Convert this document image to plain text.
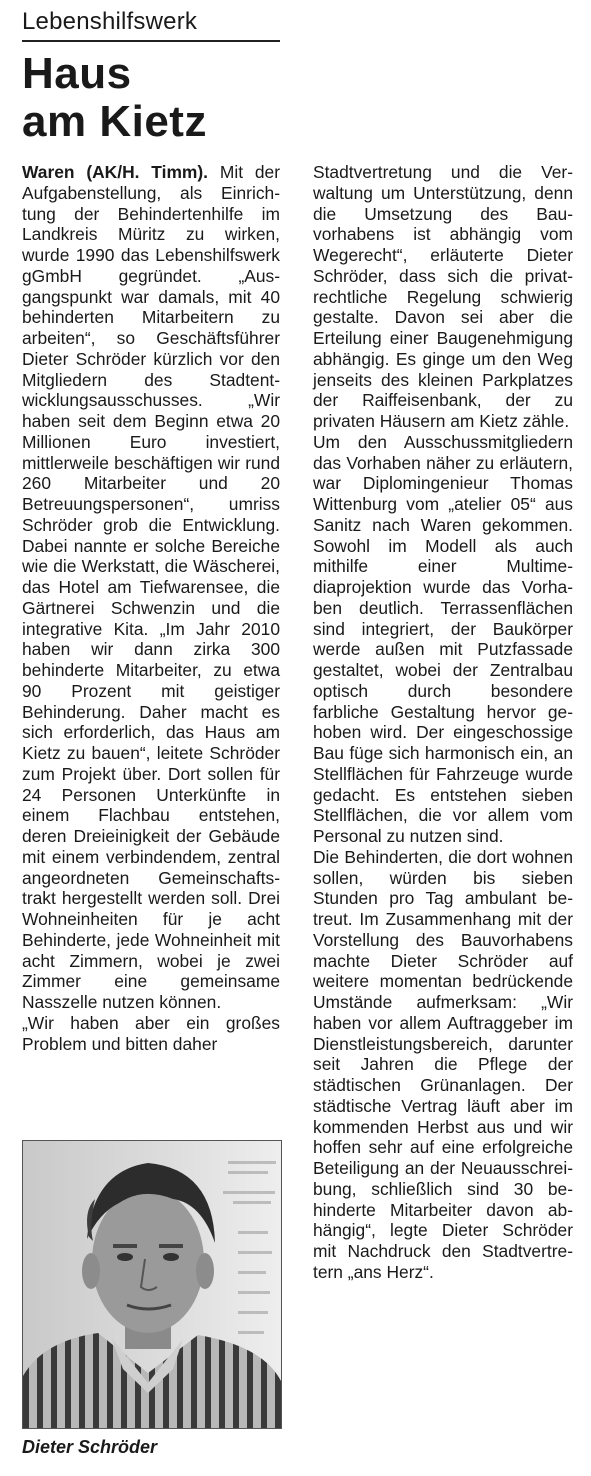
Lebenshilfswerk
Haus
am Kietz

Waren (AK/H. Timm). Mit der Aufgabenstellung, als Einrichtung der Behindertenhilfe im Landkreis Müritz zu wirken, wurde 1990 das Lebenshilfswerk gGmbH gegründet. „Ausgangspunkt war damals, mit 40 behinderten Mitarbeitern zu arbeiten“, so Geschäftsführer Dieter Schröder kürzlich vor den Mitgliedern des Stadtentwicklungsausschusses. „Wir haben seit dem Beginn etwa 20 Millionen Euro investiert, mittlerweile beschäftigen wir rund 260 Mitarbeiter und 20 Betreuungspersonen“, umriss Schröder grob die Entwicklung. Dabei nannte er solche Bereiche wie die Werkstatt, die Wäscherei, das Hotel am Tiefwarensee, die Gärtnerei Schwenzin und die integrative Kita. „Im Jahr 2010 haben wir dann zirka 300 behinderte Mitarbeiter, zu etwa 90 Prozent mit geistiger Behinderung. Daher macht es sich erforderlich, das Haus am Kietz zu bauen“, leitete Schröder zum Projekt über. Dort sollen für 24 Personen Unterkünfte in einem Flachbau entstehen, deren Dreieinigkeit der Gebäude mit einem verbindendem, zentral angeordneten Gemeinschaftstrakt hergestellt werden soll. Drei Wohneinheiten für je acht Behinderte, jede Wohneinheit mit acht Zimmern, wobei je zwei Zimmer eine gemeinsame Nasszelle nutzen können.

„Wir haben aber ein großes Problem und bitten daher

Stadtvertretung und die Verwaltung um Unterstützung, denn die Umsetzung des Bauvorhabens ist abhängig vom Wegerecht“, erläuterte Dieter Schröder, dass sich die privatrechtliche Regelung schwierig gestalte. Davon sei aber die Erteilung einer Baugenehmigung abhängig. Es ginge um den Weg jenseits des kleinen Parkplatzes der Raiffeisenbank, der zu privaten Häusern am Kietz zähle.

Um den Ausschussmitgliedern das Vorhaben näher zu erläutern, war Diplomingenieur Thomas Wittenburg vom „atelier 05“ aus Sanitz nach Waren gekommen. Sowohl im Modell als auch mithilfe einer Multimediaprojektion wurde das Vorhaben deutlich. Terrassenflächen sind integriert, der Baukörper werde außen mit Putzfassade gestaltet, wobei der Zentralbau optisch durch besondere farbliche Gestaltung hervor gehoben wird. Der eingeschossige Bau füge sich harmonisch ein, an Stellflächen für Fahrzeuge wurde gedacht. Es entstehen sieben Stellflächen, die vor allem vom Personal zu nutzen sind.

Die Behinderten, die dort wohnen sollen, würden bis sieben Stunden pro Tag ambulant betreut. Im Zusammenhang mit der Vorstellung des Bauvorhabens machte Dieter Schröder auf weitere momentan bedrückende Umstände aufmerksam: „Wir haben vor allem Auftraggeber im Dienstleistungsbereich, darunter seit Jahren die Pflege der städtischen Grünanlagen. Der städtische Vertrag läuft aber im kommenden Herbst aus und wir hoffen sehr auf eine erfolgreiche Beteiligung an der Neuausschreibung, schließlich sind 30 behinderte Mitarbeiter davon abhängig“, legte Dieter Schröder mit Nachdruck den Stadtvertretern „ans Herz“.

Dieter Schröder
